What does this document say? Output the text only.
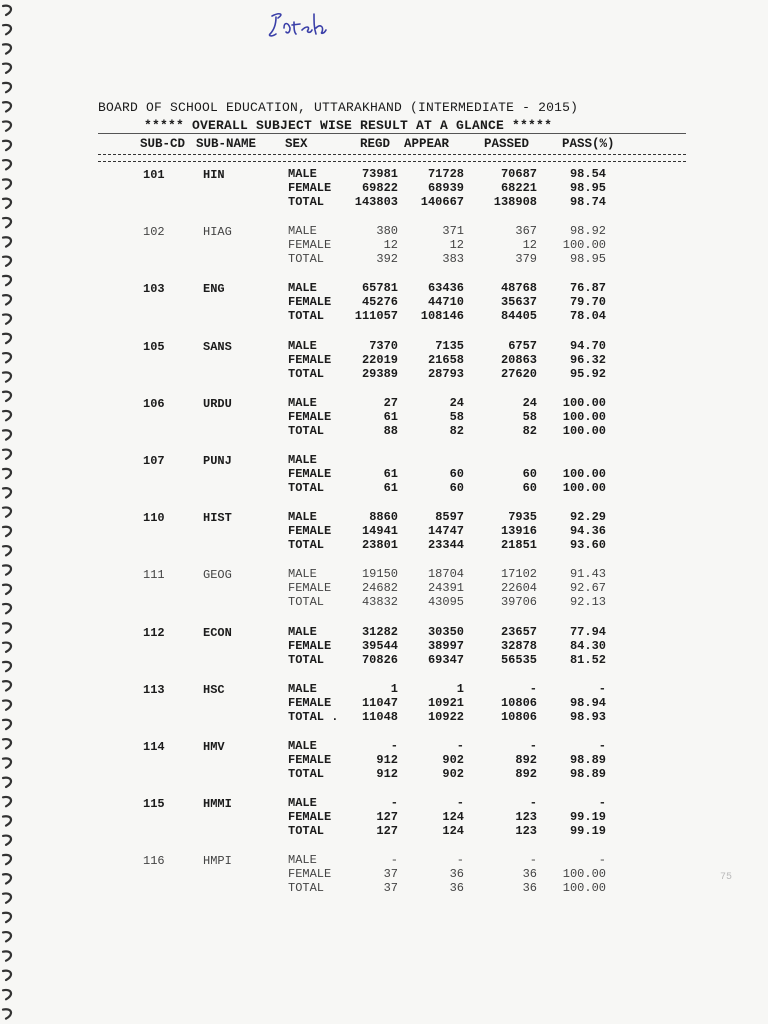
BOARD OF SCHOOL EDUCATION, UTTARAKHAND (INTERMEDIATE - 2015)
***** OVERALL SUBJECT WISE RESULT AT A GLANCE *****
SUB-CD SUB-NAME SEX	REGD APPEAR	PASSED	PASS(%)
101	HIN	MALE	73981	71728	70687	98.54
FEMALE	69822	68939	68221	98.95
TOTAL	143803	140667	138908	98.74
102	HIAG	MALE	380	371	367	98.92
FEMALE	12	12	12	100.00
TOTAL	392	383	379	98.95
103	ENG	MALE	65781	63436	48768	76.87
FEMALE	45276	44710	35637	79.70
TOTAL	111057	108146	84405	78.04
105	SANS	MALE	7370	7135	6757	94.70
FEMALE	22019	21658	20863	96.32
TOTAL	29389	28793	27620	95.92
106	URDU	MALE	27	24	24	100.00
FEMALE	61	58	58	100.00
TOTAL	88	82	82	100.00
107	PUNJ	MALE
FEMALE	61	60	60	100.00
TOTAL	61	60	60	100.00
110	HIST	MALE	8860	8597	7935	92.29
FEMALE	14941	14747	13916	94.36
TOTAL	23801	23344	21851	93.60
111	GEOG	MALE	19150	18704	17102	91.43
FEMALE	24682	24391	22604	92.67
TOTAL	43832	43095	39706	92.13
112	ECON	MALE	31282	30350	23657	77.94
FEMALE	39544	38997	32878	84.30
TOTAL	70826	69347	56535	81.52
113	HSC	MALE	1	1	-	-
FEMALE	11047	10921	10806	98.94
TOTAL .	11048	10922	10806	98.93
114	HMV	MALE	-	-	-	-
FEMALE	912	902	892	98.89
TOTAL	912	902	892	98.89
115	HMMI	MALE	-	-	-	-
FEMALE	127	124	123	99.19
TOTAL	127	124	123	99.19
116	HMPI	MALE	-	-	-	-
FEMALE	37	36	36	100.00
TOTAL	37	36	36	100.00
75
